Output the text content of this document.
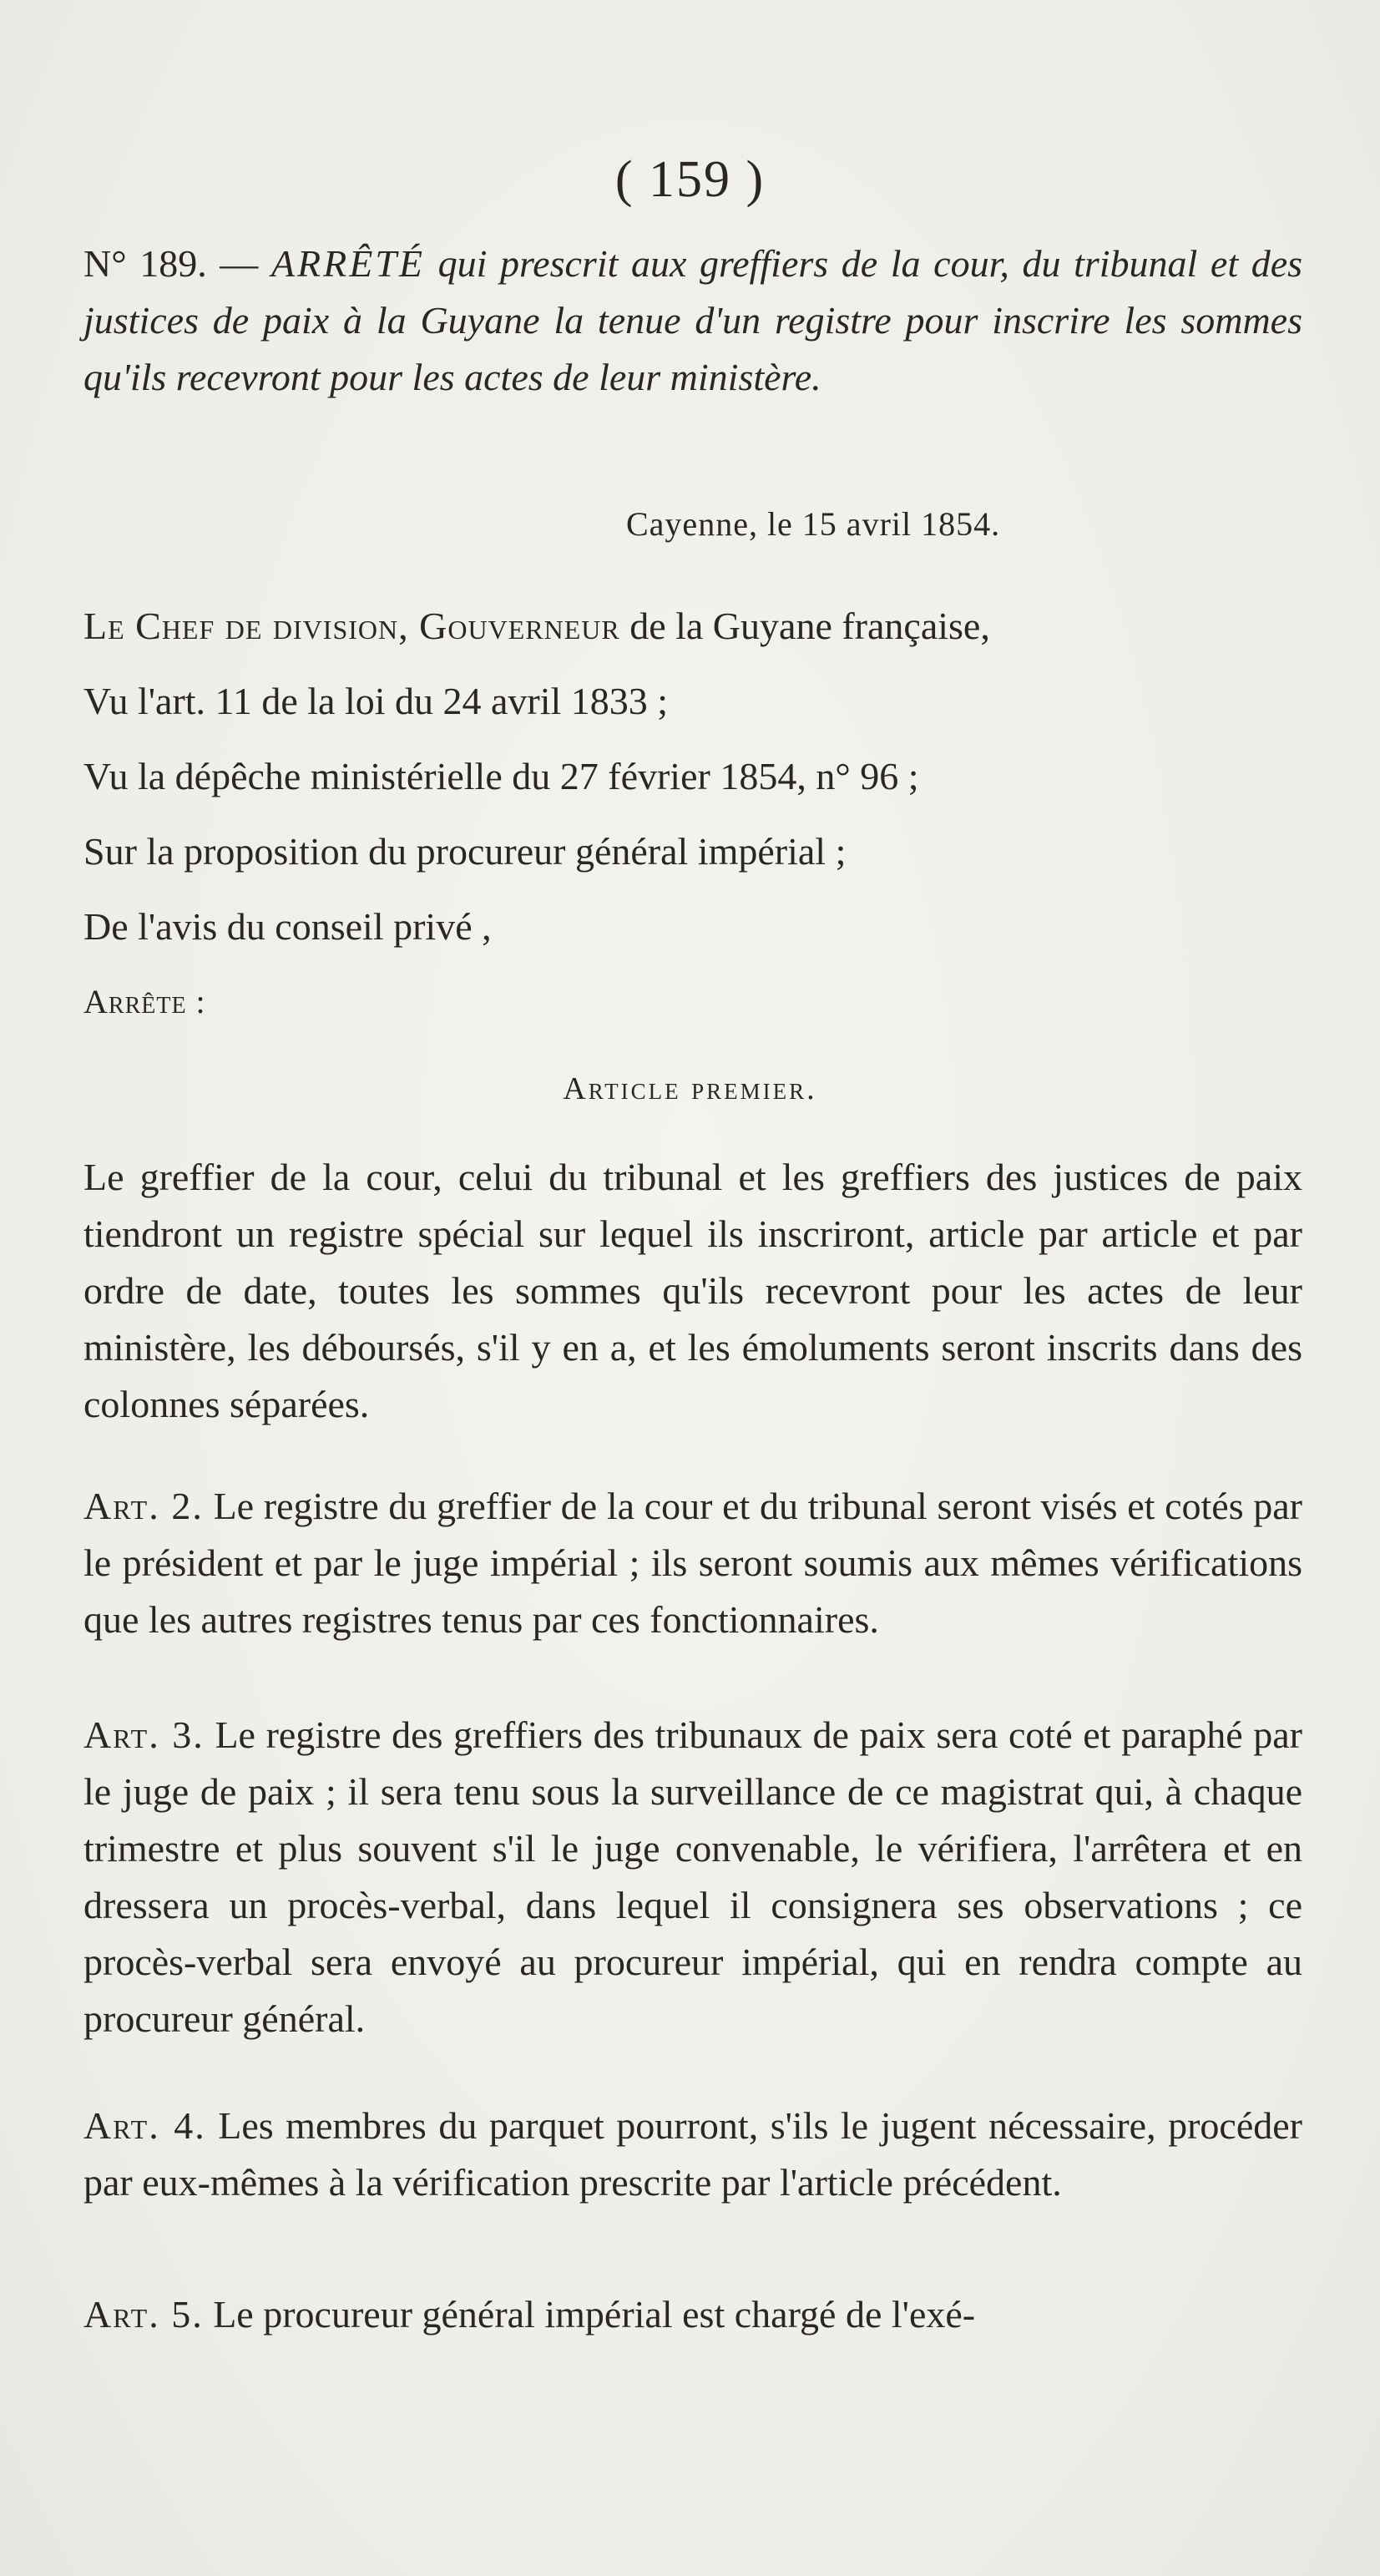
( 159 )
N° 189. — ARRÊTÉ qui prescrit aux greffiers de la cour, du tribunal et des justices de paix à la Guyane la tenue d'un registre pour inscrire les sommes qu'ils recevront pour les actes de leur ministère.
Cayenne, le 15 avril 1854.
Le Chef de division, Gouverneur de la Guyane française,
Vu l'art. 11 de la loi du 24 avril 1833 ;
Vu la dépêche ministérielle du 27 février 1854, n° 96 ;
Sur la proposition du procureur général impérial ;
De l'avis du conseil privé ,
Arrête :
Article premier.
Le greffier de la cour, celui du tribunal et les greffiers des justices de paix tiendront un registre spécial sur lequel ils inscriront, article par article et par ordre de date, toutes les sommes qu'ils recevront pour les actes de leur ministère, les déboursés, s'il y en a, et les émoluments seront inscrits dans des colonnes séparées.
Art. 2. Le registre du greffier de la cour et du tribunal seront visés et cotés par le président et par le juge impérial ; ils seront soumis aux mêmes vérifications que les autres registres tenus par ces fonctionnaires.
Art. 3. Le registre des greffiers des tribunaux de paix sera coté et paraphé par le juge de paix ; il sera tenu sous la surveillance de ce magistrat qui, à chaque trimestre et plus souvent s'il le juge convenable, le vérifiera, l'arrêtera et en dressera un procès-verbal, dans lequel il consignera ses observations ; ce procès-verbal sera envoyé au procureur impérial, qui en rendra compte au procureur général.
Art. 4. Les membres du parquet pourront, s'ils le jugent nécessaire, procéder par eux-mêmes à la vérification prescrite par l'article précédent.
Art. 5. Le procureur général impérial est chargé de l'exé-
